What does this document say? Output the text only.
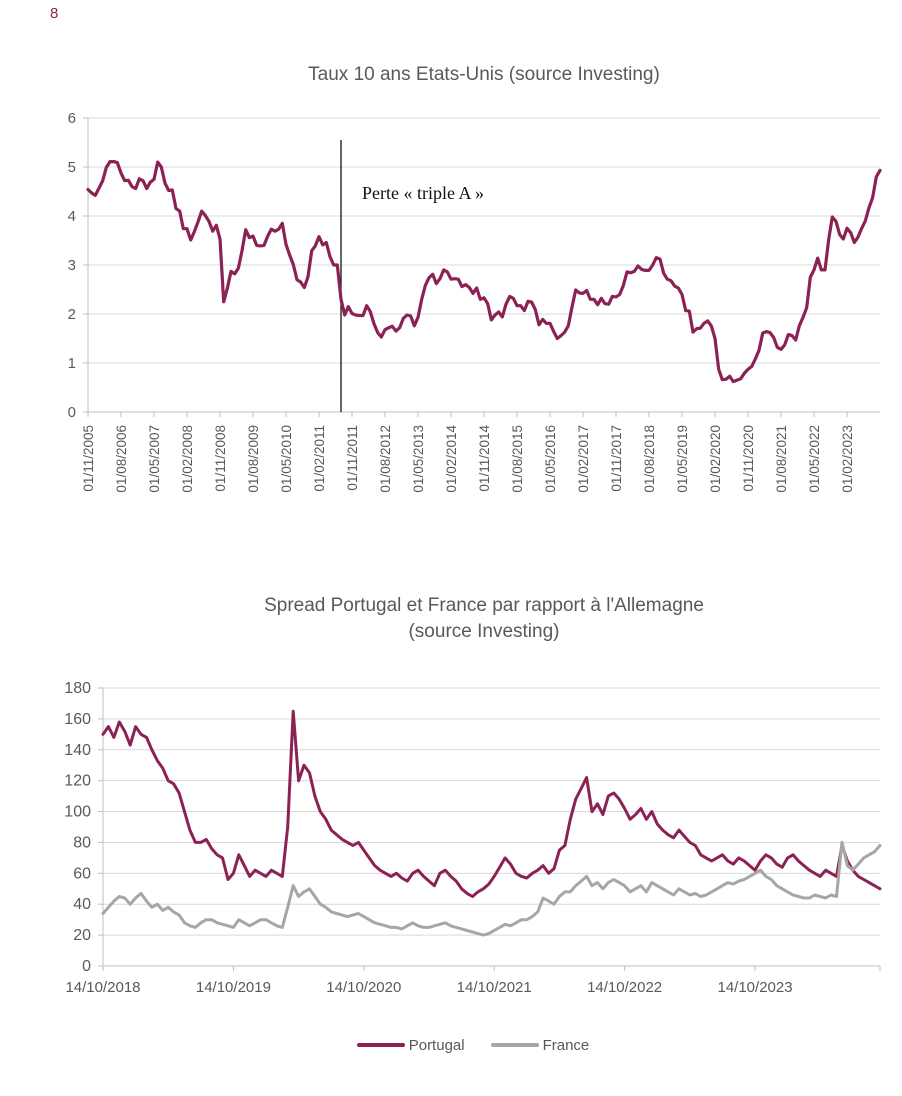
8
Taux 10 ans Etats-Unis (source Investing)
0
1
2
3
4
5
6
01/11/2005 01/08/2006 01/05/2007 01/02/2008 01/11/2008 01/08/2009 01/05/2010 01/02/2011 01/11/2011 01/08/2012 01/05/2013 01/02/2014 01/11/2014 01/08/2015 01/05/2016 01/02/2017 01/11/2017 01/08/2018 01/05/2019 01/02/2020 01/11/2020 01/08/2021 01/05/2022 01/02/2023
0
20
40
60
80
100
120
140
160
180
14/10/2018	14/10/2019	14/10/2020	14/10/2021	14/10/2022	14/10/2023
Perte « triple A »
Spread Portugal et France par rapport à l'Allemagne
(source Investing)
Portugal	France
